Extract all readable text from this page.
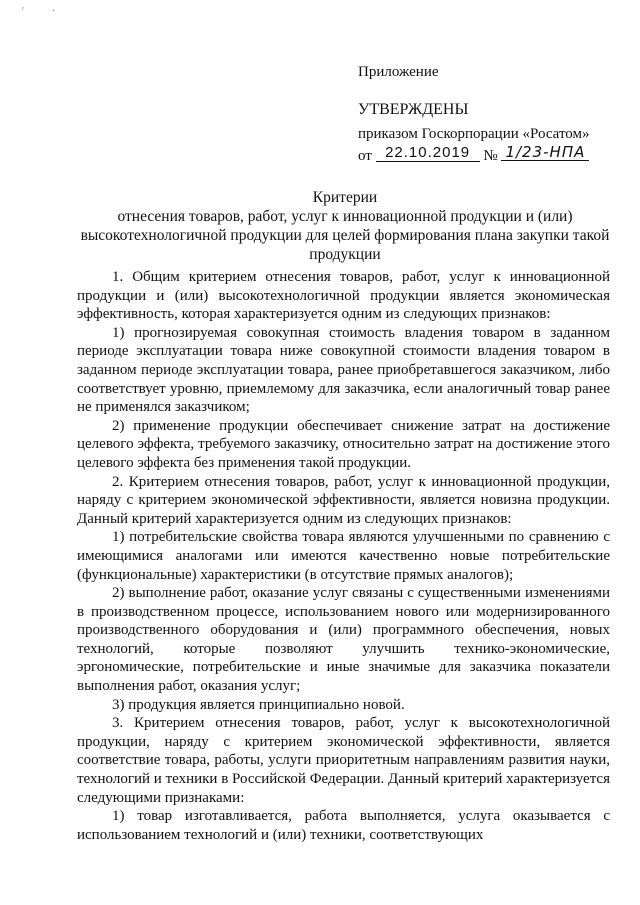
'	·
Приложение
УТВЕРЖДЕНЫ
приказом Госкорпорации «Росатом»
от 22.10.2019 № 1/23-НПА
Критерии
отнесения товаров, работ, услуг к инновационной продукции и (или) высокотехнологичной продукции для целей формирования плана закупки такой продукции

1. Общим критерием отнесения товаров, работ, услуг к инновационной продукции и (или) высокотехнологичной продукции является экономическая эффективность, которая характеризуется одним из следующих признаков:

1) прогнозируемая совокупная стоимость владения товаром в заданном периоде эксплуатации товара ниже совокупной стоимости владения товаром в заданном периоде эксплуатации товара, ранее приобретавшегося заказчиком, либо соответствует уровню, приемлемому для заказчика, если аналогичный товар ранее не применялся заказчиком;

2) применение продукции обеспечивает снижение затрат на достижение целевого эффекта, требуемого заказчику, относительно затрат на достижение этого целевого эффекта без применения такой продукции.

2. Критерием отнесения товаров, работ, услуг к инновационной продукции, наряду с критерием экономической эффективности, является новизна продукции. Данный критерий характеризуется одним из следующих признаков:

1) потребительские свойства товара являются улучшенными по сравнению с имеющимися аналогами или имеются качественно новые потребительские (функциональные) характеристики (в отсутствие прямых аналогов);

2) выполнение работ, оказание услуг связаны с существенными изменениями в производственном процессе, использованием нового или модернизированного производственного оборудования и (или) программного обеспечения, новых технологий, которые позволяют улучшить технико-экономические, эргономические, потребительские и иные значимые для заказчика показатели выполнения работ, оказания услуг;

3) продукция является принципиально новой.

3. Критерием отнесения товаров, работ, услуг к высокотехнологичной продукции, наряду с критерием экономической эффективности, является соответствие товара, работы, услуги приоритетным направлениям развития науки, технологий и техники в Российской Федерации. Данный критерий характеризуется следующими признаками:

1) товар изготавливается, работа выполняется, услуга оказывается с использованием технологий и (или) техники, соответствующих
